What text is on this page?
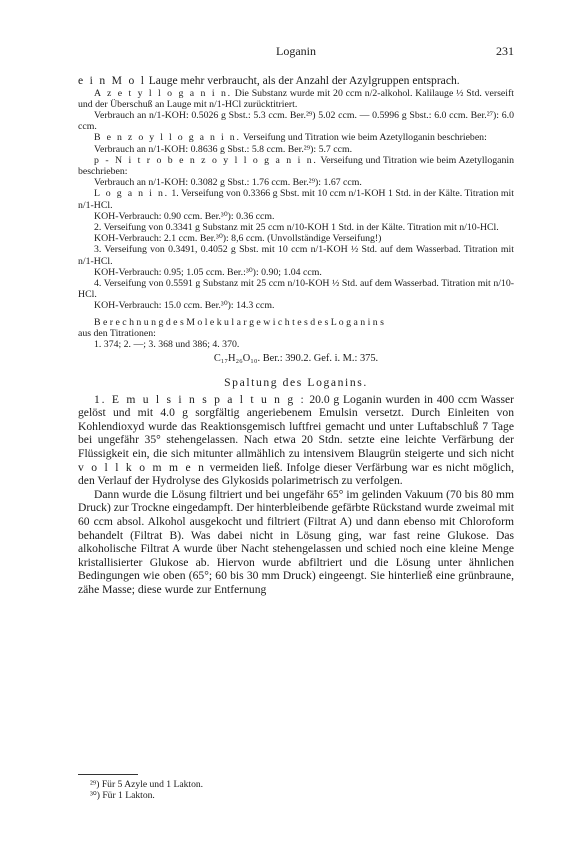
Loganin	231

e i n M o l Lauge mehr verbraucht, als der Anzahl der Azylgruppen entsprach.

A z e t y l l o g a n i n. Die Substanz wurde mit 20 ccm n/2-alkohol. Kalilauge ½ Std. verseift und der Überschuß an Lauge mit n/1-HCl zurücktitriert.

Verbrauch an n/1-KOH: 0.5026 g Sbst.: 5.3 ccm. Ber.²⁹) 5.02 ccm. — 0.5996 g Sbst.: 6.0 ccm. Ber.²⁷): 6.0 ccm.

B e n z o y l l o g a n i n. Verseifung und Titration wie beim Azetylloganin beschrieben:

Verbrauch an n/1-KOH: 0.8636 g Sbst.: 5.8 ccm. Ber.²⁹): 5.7 ccm.

p - N i t r o b e n z o y l l o g a n i n. Verseifung und Titration wie beim Azetylloganin beschrieben:

Verbrauch an n/1-KOH: 0.3082 g Sbst.: 1.76 ccm. Ber.²⁹): 1.67 ccm.

L o g a n i n. 1. Verseifung von 0.3366 g Sbst. mit 10 ccm n/1-KOH 1 Std. in der Kälte. Titration mit n/1-HCl.

KOH-Verbrauch: 0.90 ccm. Ber.³⁰): 0.36 ccm.

2. Verseifung von 0.3341 g Substanz mit 25 ccm n/10-KOH 1 Std. in der Kälte. Titration mit n/10-HCl.

KOH-Verbrauch: 2.1 ccm. Ber.³⁰): 8,6 ccm. (Unvollständige Verseifung!)

3. Verseifung von 0.3491, 0.4052 g Sbst. mit 10 ccm n/1-KOH ½ Std. auf dem Wasserbad. Titration mit n/1-HCl.

KOH-Verbrauch: 0.95; 1.05 ccm. Ber.:³⁰): 0.90; 1.04 ccm.

4. Verseifung von 0.5591 g Substanz mit 25 ccm n/10-KOH ½ Std. auf dem Wasserbad. Titration mit n/10-HCl.

KOH-Verbrauch: 15.0 ccm. Ber.³⁰): 14.3 ccm.

B e r e c h n u n g d e s M o l e k u l a r g e w i c h t e s d e s L o g a n i n s

aus den Titrationen:

1. 374; 2. —; 3. 368 und 386; 4. 370.

C₁₇H₂₆O₁₀. Ber.: 390.2. Gef. i. M.: 375.

Spaltung des Loganins.

1. E m u l s i n s p a l t u n g : 20.0 g Loganin wurden in 400 ccm Wasser gelöst und mit 4.0 g sorgfältig angeriebenem Emulsin versetzt. Durch Einleiten von Kohlendioxyd wurde das Reaktionsgemisch luftfrei gemacht und unter Luftabschluß 7 Tage bei ungefähr 35° stehengelassen. Nach etwa 20 Stdn. setzte eine leichte Verfärbung der Flüssigkeit ein, die sich mitunter allmählich zu intensivem Blaugrün steigerte und sich nicht v o l l k o m m e n vermeiden ließ. Infolge dieser Verfärbung war es nicht möglich, den Verlauf der Hydrolyse des Glykosids polarimetrisch zu verfolgen.

Dann wurde die Lösung filtriert und bei ungefähr 65° im gelinden Vakuum (70 bis 80 mm Druck) zur Trockne eingedampft. Der hinterbleibende gefärbte Rückstand wurde zweimal mit 60 ccm absol. Alkohol ausgekocht und filtriert (Filtrat A) und dann ebenso mit Chloroform behandelt (Filtrat B). Was dabei nicht in Lösung ging, war fast reine Glukose. Das alkoholische Filtrat A wurde über Nacht stehengelassen und schied noch eine kleine Menge kristallisierter Glukose ab. Hiervon wurde abfiltriert und die Lösung unter ähnlichen Bedingungen wie oben (65°; 60 bis 30 mm Druck) eingeengt. Sie hinterließ eine grünbraune, zähe Masse; diese wurde zur Entfernung

²⁹) Für 5 Azyle und 1 Lakton.

³⁰) Für 1 Lakton.
